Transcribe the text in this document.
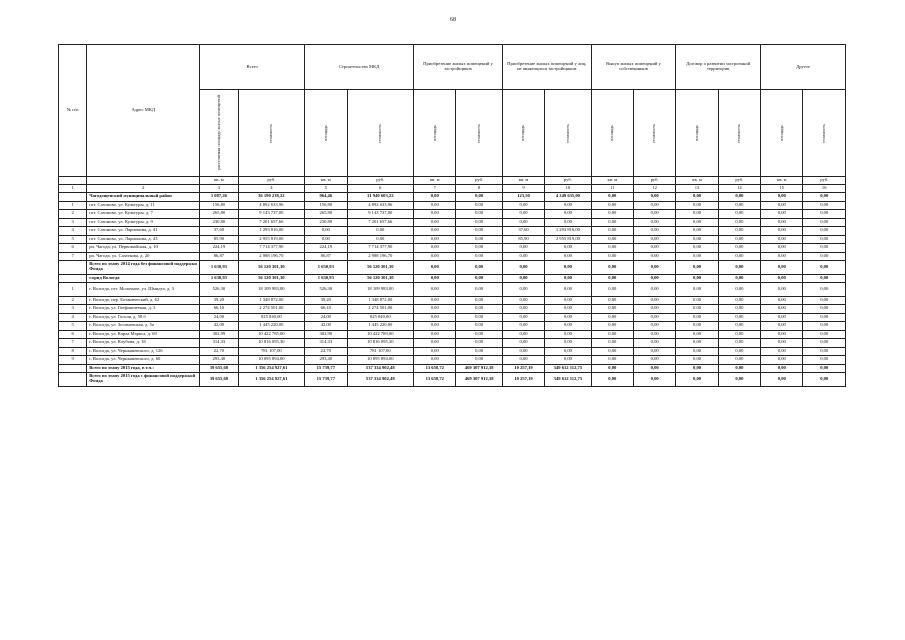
68
№ п/п	Адрес МКД	Всего		Строительство МКД		Приобретение жилых помещений у застройщиков		Приобретение жилых помещений у лиц, не являющихся застройщиком		Выкуп жилых помещений у собственников		Договор о развитии застроенной территории		Другое	

		расселяемая площадь жилых помещений	стоимость	площадь	стоимость	площадь	стоимость	площадь	стоимость	площадь	стоимость	площадь	стоимость	площадь	стоимость

		кв. м	руб.	кв. м	руб.	кв. м	руб.	кв. м	руб.	кв. м	руб.	кв. м	руб.	кв. м	руб.
1	2	3	4	5	6	7	8	9	10	11	12	13	14	15	16
	Чагодощенский муниципальный район	1 087,26	36 190 238,22	964,46	31 940 603,22	0,00	0,00	123,50	4 249 635,00	0,00	0,00	0,00	0,00	0,00	0,00
1	пгт. Сазоново, ул. Культуры, д. 11	156,80	4 892 633,96	156,80	4 892 633,96	0,00	0,00	0,00	0,00	0,00	0,00	0,00	0,00	0,00	0,00
2	пгт. Сазоново, ул. Культуры, д. 7	265,80	9 143 737,00	265,80	9 143 737,00	0,00	0,00	0,00	0,00	0,00	0,00	0,00	0,00	0,00	0,00
3	пгт. Сазоново, ул. Культуры, д. 9	230,80	7 201 657,66	230,80	7 201 657,66	0,00	0,00	0,00	0,00	0,00	0,00	0,00	0,00	0,00	0,00
4	пгт. Сазоново, ул. Ларионова, д. 41	37,60	1 293 816,00	0,00	0,00	0,00	0,00	37,60	1 293 816,00	0,00	0,00	0,00	0,00	0,00	0,00
5	пгт. Сазоново, ул. Ларионова, д. 43	85,90	2 955 819,00	0,00	0,00	0,00	0,00	85,90	2 955 819,00	0,00	0,00	0,00	0,00	0,00	0,00
6	рп. Чагода, ул. Первомайская, д. 10	224,19	7 714 377,90	224,19	7 714 377,90	0,00	0,00	0,00	0,00	0,00	0,00	0,00	0,00	0,00	0,00
7	рп. Чагода, ул. Сазаткова, д. 20	86,87	2 988 196,70	86,87	2 988 196,70	0,00	0,00	0,00	0,00	0,00	0,00	0,00	0,00	0,00	0,00
	Всего по этапу 2014 года без финансовой поддержки Фонда	1 630,93	56 120 301,30	1 630,93	56 120 301,30	0,00	0,00	0,00	0,00	0,00	0,00	0,00	0,00	0,00	0,00
	г.орид Вологда	1 630,93	56 120 301,30	1 630,93	56 120 301,30	0,00	0,00	0,00	0,00	0,00	0,00	0,00	0,00	0,00	0,00
1	г. Вологда, пгт. Молочное, ул. Шмидта, д. 3	526,30	18 109 983,00	526,30	18 109 983,00	0,00	0,00	0,00	0,00	0,00	0,00	0,00	0,00	0,00	0,00
2	г. Вологда, пер. Ботанический, д. 62	39,20	1 348 872,00	39,20	1 348 872,00	0,00	0,00	0,00	0,00	0,00	0,00	0,00	0,00	0,00	0,00
3	г. Вологда, ул. Гоефшичеекая, д. 3	66,10	2 274 501,00	66,10	2 274 501,00	0,00	0,00	0,00	0,00	0,00	0,00	0,00	0,00	0,00	0,00
4	г. Вологда, ул. Гоголя, д. 58 б	24,00	825 840,00	24,00	825 840,00	0,00	0,00	0,00	0,00	0,00	0,00	0,00	0,00	0,00	0,00
5	г. Вологда, ул. Зосимовская, д. 5а	42,00	1 445 220,00	42,00	1 445 220,00	0,00	0,00	0,00	0,00	0,00	0,00	0,00	0,00	0,00	0,00
6	г. Вологда, ул. Карла Маркса, д. 69	302,99	10 422 785,00	302,90	10 422 789,00	0,00	0,00	0,00	0,00	0,00	0,00	0,00	0,00	0,00	0,00
7	г. Вологда, ул. Клубова, д. 18	314,33	10 816 095,30	314,33	10 816 095,30	0,00	0,00	0,00	0,00	0,00	0,00	0,00	0,00	0,00	0,00
8	г. Вологда, ул. Чернышевского, д. 126	22,70	781 107,00	22,70	781 107,00	0,00	0,00	0,00	0,00	0,00	0,00	0,00	0,00	0,00	0,00
9	г. Вологда, ул. Чернышевского, д. 60	293,40	10 095 894,00	293,40	10 095 894,00	0,00	0,00	0,00	0,00	0,00	0,00	0,00	0,00	0,00	0,00
	Всего по этапу 2015 года, в т.ч.:	39 655,68	1 356 254 927,61	15 739,77	537 334 902,48	13 658,72	469 307 912,38	10 257,19	349 612 112,75	0,00	0,00	0,00	0,00	0,00	0,00
	Всего по этапу 2015 года с финансовой поддержкой Фонда	39 655,68	1 356 254 927,61	15 739,77	537 334 902,48	13 658,72	469 307 912,38	10 257,19	349 612 112,75	0,00	0,00	0,00	0,00	0,00	0,00
